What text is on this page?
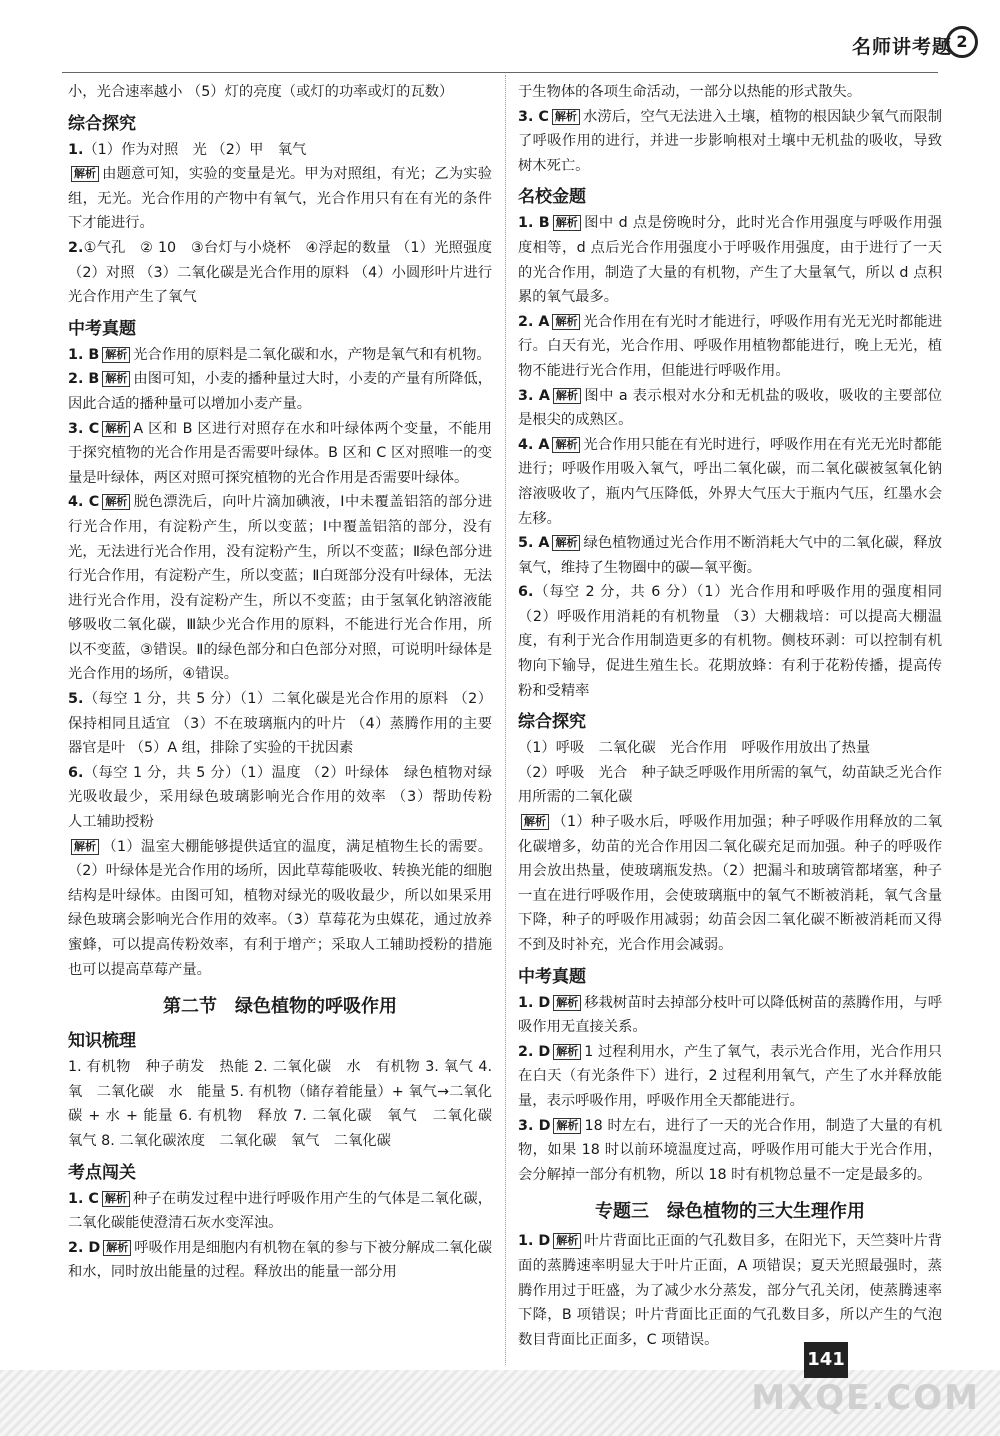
名师讲考题 2

小，光合速率越小 （5）灯的亮度（或灯的功率或灯的瓦数）

综合探究

1.（1）作为对照　光 （2）甲　氧气

解析 由题意可知，实验的变量是光。甲为对照组，有光；乙为实验组，无光。光合作用的产物中有氧气，光合作用只有在有光的条件下才能进行。

2.①气孔　② 10　③台灯与小烧杯　④浮起的数量 （1）光照强度 （2）对照 （3）二氧化碳是光合作用的原料 （4）小圆形叶片进行光合作用产生了氧气

中考真题

1. B 解析 光合作用的原料是二氧化碳和水，产物是氧气和有机物。

2. B 解析 由图可知，小麦的播种量过大时，小麦的产量有所降低，因此合适的播种量可以增加小麦产量。

3. C 解析 A 区和 B 区进行对照存在水和叶绿体两个变量，不能用于探究植物的光合作用是否需要叶绿体。B 区和 C 区对照唯一的变量是叶绿体，两区对照可探究植物的光合作用是否需要叶绿体。

4. C 解析 脱色漂洗后，向叶片滴加碘液，Ⅰ中未覆盖铝箔的部分进行光合作用，有淀粉产生，所以变蓝；Ⅰ中覆盖铝箔的部分，没有光，无法进行光合作用，没有淀粉产生，所以不变蓝；Ⅱ绿色部分进行光合作用，有淀粉产生，所以变蓝；Ⅱ白斑部分没有叶绿体，无法进行光合作用，没有淀粉产生，所以不变蓝；由于氢氧化钠溶液能够吸收二氧化碳，Ⅲ缺少光合作用的原料，不能进行光合作用，所以不变蓝，③错误。Ⅱ的绿色部分和白色部分对照，可说明叶绿体是光合作用的场所，④错误。

5.（每空 1 分，共 5 分）（1）二氧化碳是光合作用的原料 （2）保持相同且适宜 （3）不在玻璃瓶内的叶片 （4）蒸腾作用的主要器官是叶 （5）A 组，排除了实验的干扰因素

6.（每空 1 分，共 5 分）（1）温度 （2）叶绿体　绿色植物对绿光吸收最少，采用绿色玻璃影响光合作用的效率 （3）帮助传粉　人工辅助授粉

解析 （1）温室大棚能够提供适宜的温度，满足植物生长的需要。（2）叶绿体是光合作用的场所，因此草莓能吸收、转换光能的细胞结构是叶绿体。由图可知，植物对绿光的吸收最少，所以如果采用绿色玻璃会影响光合作用的效率。（3）草莓花为虫媒花，通过放养蜜蜂，可以提高传粉效率，有利于增产；采取人工辅助授粉的措施也可以提高草莓产量。

第二节　绿色植物的呼吸作用
知识梳理

1. 有机物　种子萌发　热能 2. 二氧化碳　水　有机物 3. 氧气 4. 氧　二氧化碳　水　能量 5. 有机物（储存着能量）+ 氧气→二氧化碳 + 水 + 能量 6. 有机物　释放 7. 二氧化碳　氧气　二氧化碳　氧气 8. 二氧化碳浓度　二氧化碳　氧气　二氧化碳

考点闯关

1. C 解析 种子在萌发过程中进行呼吸作用产生的气体是二氧化碳，二氧化碳能使澄清石灰水变浑浊。

2. D 解析 呼吸作用是细胞内有机物在氧的参与下被分解成二氧化碳和水，同时放出能量的过程。释放出的能量一部分用

于生物体的各项生命活动，一部分以热能的形式散失。

3. C 解析 水涝后，空气无法进入土壤，植物的根因缺少氧气而限制了呼吸作用的进行，并进一步影响根对土壤中无机盐的吸收，导致树木死亡。

名校金题

1. B 解析 图中 d 点是傍晚时分，此时光合作用强度与呼吸作用强度相等，d 点后光合作用强度小于呼吸作用强度，由于进行了一天的光合作用，制造了大量的有机物，产生了大量氧气，所以 d 点积累的氧气最多。

2. A 解析 光合作用在有光时才能进行，呼吸作用有光无光时都能进行。白天有光，光合作用、呼吸作用植物都能进行，晚上无光，植物不能进行光合作用，但能进行呼吸作用。

3. A 解析 图中 a 表示根对水分和无机盐的吸收，吸收的主要部位是根尖的成熟区。

4. A 解析 光合作用只能在有光时进行，呼吸作用在有光无光时都能进行；呼吸作用吸入氧气，呼出二氧化碳，而二氧化碳被氢氧化钠溶液吸收了，瓶内气压降低，外界大气压大于瓶内气压，红墨水会左移。

5. A 解析 绿色植物通过光合作用不断消耗大气中的二氧化碳，释放氧气，维持了生物圈中的碳—氧平衡。

6.（每空 2 分，共 6 分）（1）光合作用和呼吸作用的强度相同 （2）呼吸作用消耗的有机物量 （3）大棚栽培：可以提高大棚温度，有利于光合作用制造更多的有机物。侧枝环剥：可以控制有机物向下输导，促进生殖生长。花期放蜂：有利于花粉传播，提高传粉和受精率

综合探究

（1）呼吸　二氧化碳　光合作用　呼吸作用放出了热量

（2）呼吸　光合　种子缺乏呼吸作用所需的氧气，幼苗缺乏光合作用所需的二氧化碳

解析 （1）种子吸水后，呼吸作用加强；种子呼吸作用释放的二氧化碳增多，幼苗的光合作用因二氧化碳充足而加强。种子的呼吸作用会放出热量，使玻璃瓶发热。（2）把漏斗和玻璃管都堵塞，种子一直在进行呼吸作用，会使玻璃瓶中的氧气不断被消耗，氧气含量下降，种子的呼吸作用减弱；幼苗会因二氧化碳不断被消耗而又得不到及时补充，光合作用会减弱。

中考真题

1. D 解析 移栽树苗时去掉部分枝叶可以降低树苗的蒸腾作用，与呼吸作用无直接关系。

2. D 解析 1 过程利用水，产生了氧气，表示光合作用，光合作用只在白天（有光条件下）进行，2 过程利用氧气，产生了水并释放能量，表示呼吸作用，呼吸作用全天都能进行。

3. D 解析 18 时左右，进行了一天的光合作用，制造了大量的有机物，如果 18 时以前环境温度过高，呼吸作用可能大于光合作用，会分解掉一部分有机物，所以 18 时有机物总量不一定是最多的。

专题三　绿色植物的三大生理作用

1. D 解析 叶片背面比正面的气孔数目多，在阳光下，天竺葵叶片背面的蒸腾速率明显大于叶片正面，A 项错误；夏天光照最强时，蒸腾作用过于旺盛，为了减少水分蒸发，部分气孔关闭，使蒸腾速率下降，B 项错误；叶片背面比正面的气孔数目多，所以产生的气泡数目背面比正面多，C 项错误。

141
MXQE.COM
